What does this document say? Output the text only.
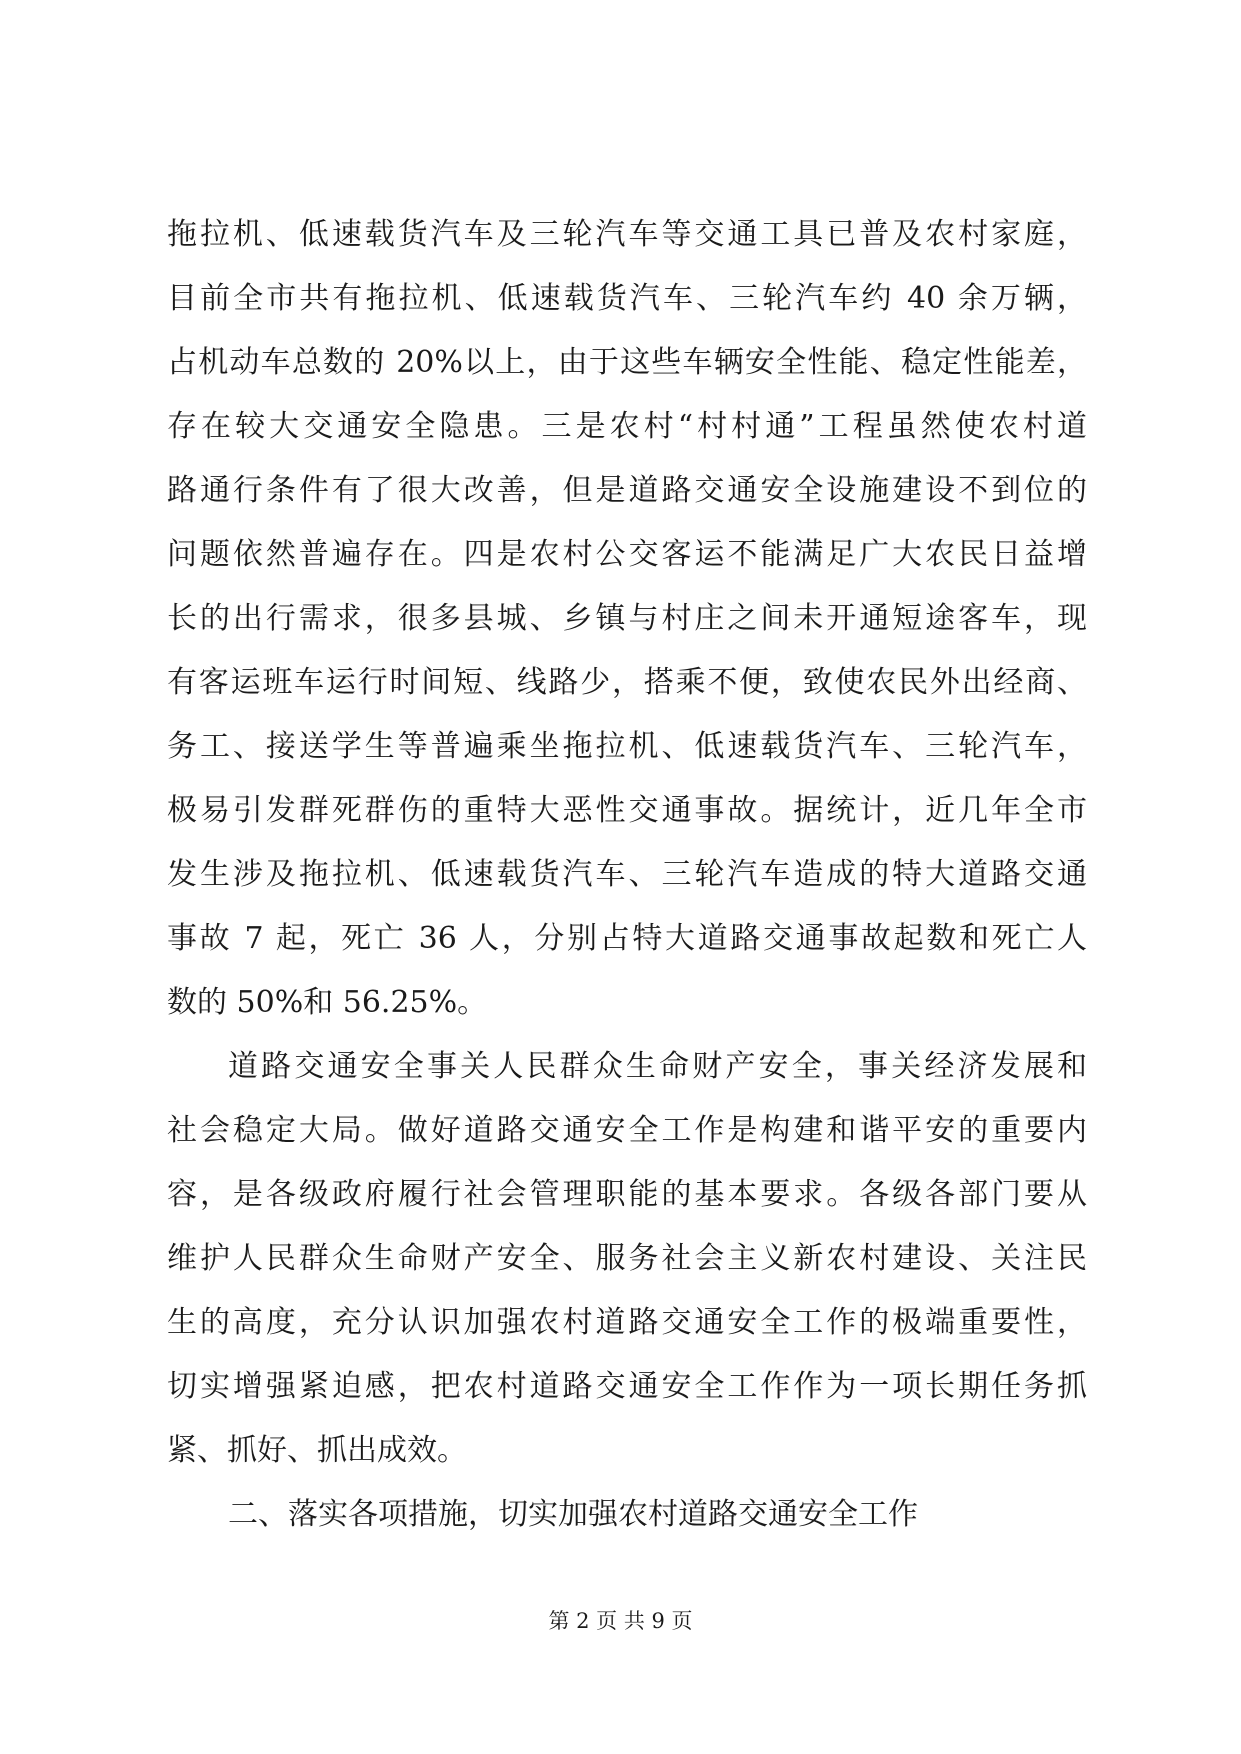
拖拉机、低速载货汽车及三轮汽车等交通工具已普及农村家庭，
目前全市共有拖拉机、低速载货汽车、三轮汽车约 40 余万辆，
占机动车总数的 20%以上，由于这些车辆安全性能、稳定性能差，
存在较大交通安全隐患。三是农村“村村通”工程虽然使农村道
路通行条件有了很大改善，但是道路交通安全设施建设不到位的
问题依然普遍存在。四是农村公交客运不能满足广大农民日益增
长的出行需求，很多县城、乡镇与村庄之间未开通短途客车，现
有客运班车运行时间短、线路少，搭乘不便，致使农民外出经商、
务工、接送学生等普遍乘坐拖拉机、低速载货汽车、三轮汽车，
极易引发群死群伤的重特大恶性交通事故。据统计，近几年全市
发生涉及拖拉机、低速载货汽车、三轮汽车造成的特大道路交通
事故 7 起，死亡 36 人，分别占特大道路交通事故起数和死亡人
数的 50%和 56.25%。
道路交通安全事关人民群众生命财产安全，事关经济发展和
社会稳定大局。做好道路交通安全工作是构建和谐平安的重要内
容，是各级政府履行社会管理职能的基本要求。各级各部门要从
维护人民群众生命财产安全、服务社会主义新农村建设、关注民
生的高度，充分认识加强农村道路交通安全工作的极端重要性，
切实增强紧迫感，把农村道路交通安全工作作为一项长期任务抓
紧、抓好、抓出成效。
二、落实各项措施，切实加强农村道路交通安全工作
第 2 页 共 9 页
